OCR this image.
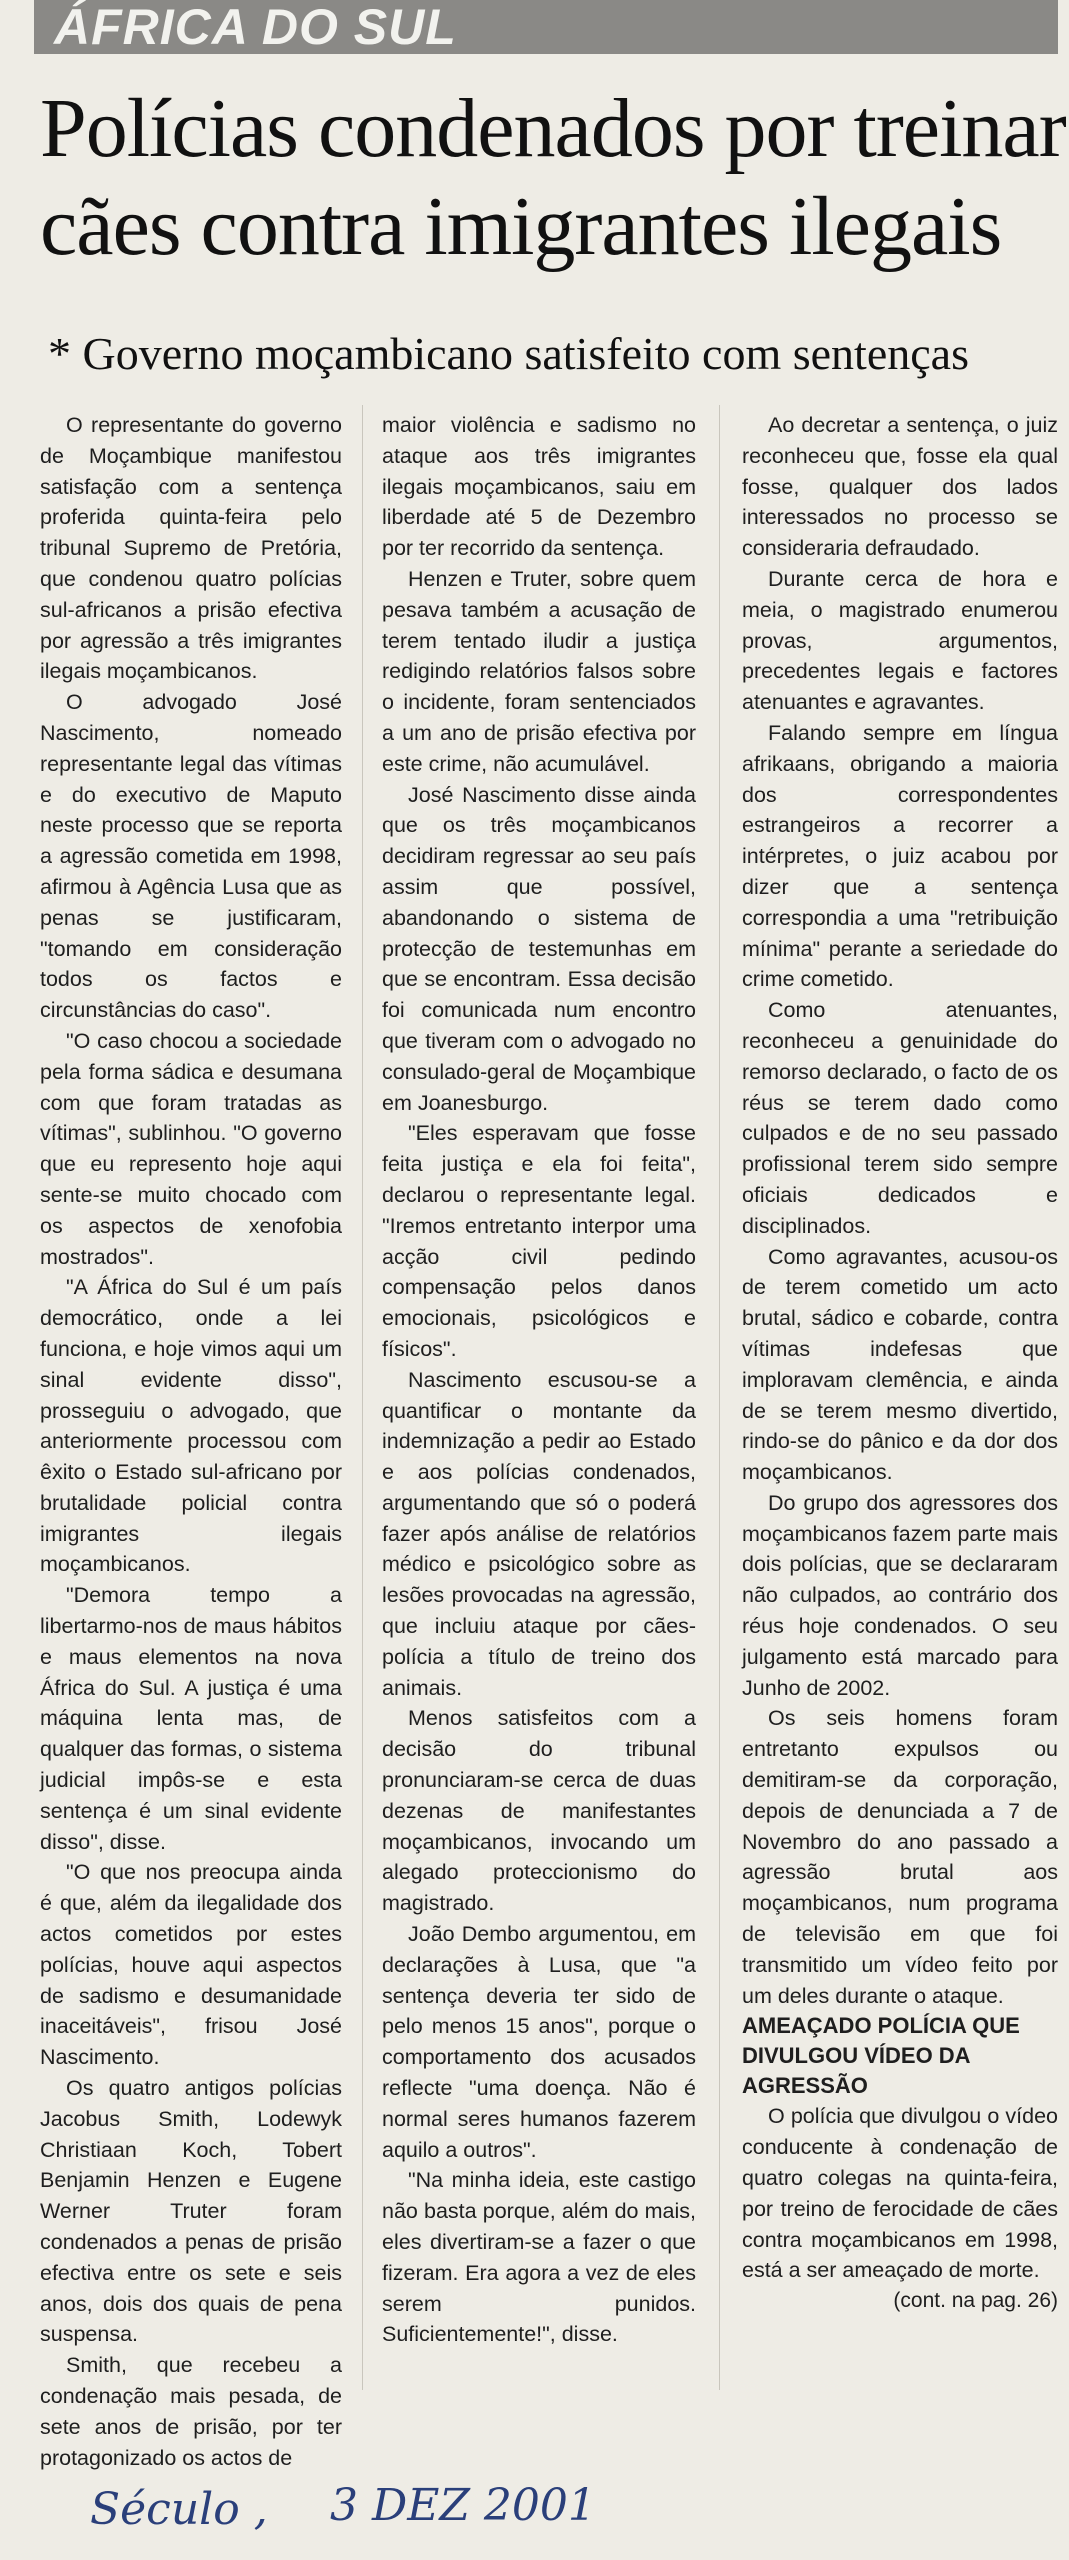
ÁFRICA DO SUL
Polícias condenados por treinar
cães contra imigrantes ilegais
* Governo moçambicano satisfeito com sentenças

O representante do governo de Moçambique manifestou satisfação com a sentença proferida quinta-feira pelo tribunal Supremo de Pretória, que condenou quatro polícias sul-africanos a prisão efectiva por agressão a três imigrantes ilegais moçambicanos.

O advogado José Nascimento, nomeado representante legal das vítimas e do executivo de Maputo neste processo que se reporta a agressão cometida em 1998, afirmou à Agência Lusa que as penas se justificaram, "tomando em consideração todos os factos e circunstâncias do caso".

"O caso chocou a sociedade pela forma sádica e desumana com que foram tratadas as vítimas", sublinhou. "O governo que eu represento hoje aqui sente-se muito chocado com os aspectos de xenofobia mostrados".

"A África do Sul é um país democrático, onde a lei funciona, e hoje vimos aqui um sinal evidente disso", prosseguiu o advogado, que anteriormente processou com êxito o Estado sul-africano por brutalidade policial contra imigrantes ilegais moçambicanos.

"Demora tempo a libertarmo-nos de maus hábitos e maus elementos na nova África do Sul. A justiça é uma máquina lenta mas, de qualquer das formas, o sistema judicial impôs-se e esta sentença é um sinal evidente disso", disse.

"O que nos preocupa ainda é que, além da ilegalidade dos actos cometidos por estes polícias, houve aqui aspectos de sadismo e desumanidade inaceitáveis", frisou José Nascimento.

Os quatro antigos polícias Jacobus Smith, Lodewyk Christiaan Koch, Tobert Benjamin Henzen e Eugene Werner Truter foram condenados a penas de prisão efectiva entre os sete e seis anos, dois dos quais de pena suspensa.

Smith, que recebeu a condenação mais pesada, de sete anos de prisão, por ter protagonizado os actos de

maior violência e sadismo no ataque aos três imigrantes ilegais moçambicanos, saiu em liberdade até 5 de Dezembro por ter recorrido da sentença.

Henzen e Truter, sobre quem pesava também a acusação de terem tentado iludir a justiça redigindo relatórios falsos sobre o incidente, foram sentenciados a um ano de prisão efectiva por este crime, não acumulável.

José Nascimento disse ainda que os três moçambicanos decidiram regressar ao seu país assim que possível, abandonando o sistema de protecção de testemunhas em que se encontram. Essa decisão foi comunicada num encontro que tiveram com o advogado no consulado-geral de Moçambique em Joanesburgo.

"Eles esperavam que fosse feita justiça e ela foi feita", declarou o representante legal. "Iremos entretanto interpor uma acção civil pedindo compensação pelos danos emocionais, psicológicos e físicos".

Nascimento escusou-se a quantificar o montante da indemnização a pedir ao Estado e aos polícias condenados, argumentando que só o poderá fazer após análise de relatórios médico e psicológico sobre as lesões provocadas na agressão, que incluiu ataque por cães-polícia a título de treino dos animais.

Menos satisfeitos com a decisão do tribunal pronunciaram-se cerca de duas dezenas de manifestantes moçambicanos, invocando um alegado proteccionismo do magistrado.

João Dembo argumentou, em declarações à Lusa, que "a sentença deveria ter sido de pelo menos 15 anos", porque o comportamento dos acusados reflecte "uma doença. Não é normal seres humanos fazerem aquilo a outros".

"Na minha ideia, este castigo não basta porque, além do mais, eles divertiram-se a fazer o que fizeram. Era agora a vez de eles serem punidos. Suficientemente!", disse.

Ao decretar a sentença, o juiz reconheceu que, fosse ela qual fosse, qualquer dos lados interessados no processo se consideraria defraudado.

Durante cerca de hora e meia, o magistrado enumerou provas, argumentos, precedentes legais e factores atenuantes e agravantes.

Falando sempre em língua afrikaans, obrigando a maioria dos correspondentes estrangeiros a recorrer a intérpretes, o juiz acabou por dizer que a sentença correspondia a uma "retribuição mínima" perante a seriedade do crime cometido.

Como atenuantes, reconheceu a genuinidade do remorso declarado, o facto de os réus se terem dado como culpados e de no seu passado profissional terem sido sempre oficiais dedicados e disciplinados.

Como agravantes, acusou-os de terem cometido um acto brutal, sádico e cobarde, contra vítimas indefesas que imploravam clemência, e ainda de se terem mesmo divertido, rindo-se do pânico e da dor dos moçambicanos.

Do grupo dos agressores dos moçambicanos fazem parte mais dois polícias, que se declararam não culpados, ao contrário dos réus hoje condenados. O seu julgamento está marcado para Junho de 2002.

Os seis homens foram entretanto expulsos ou demitiram-se da corporação, depois de denunciada a 7 de Novembro do ano passado a agressão brutal aos moçambicanos, num programa de televisão em que foi transmitido um vídeo feito por um deles durante o ataque.

AMEAÇADO POLÍCIA QUE DIVULGOU VÍDEO DA AGRESSÃO

O polícia que divulgou o vídeo conducente à condenação de quatro colegas na quinta-feira, por treino de ferocidade de cães contra moçambicanos em 1998, está a ser ameaçado de morte.

(cont. na pag. 26)

Século , 3 DEZ 2001
